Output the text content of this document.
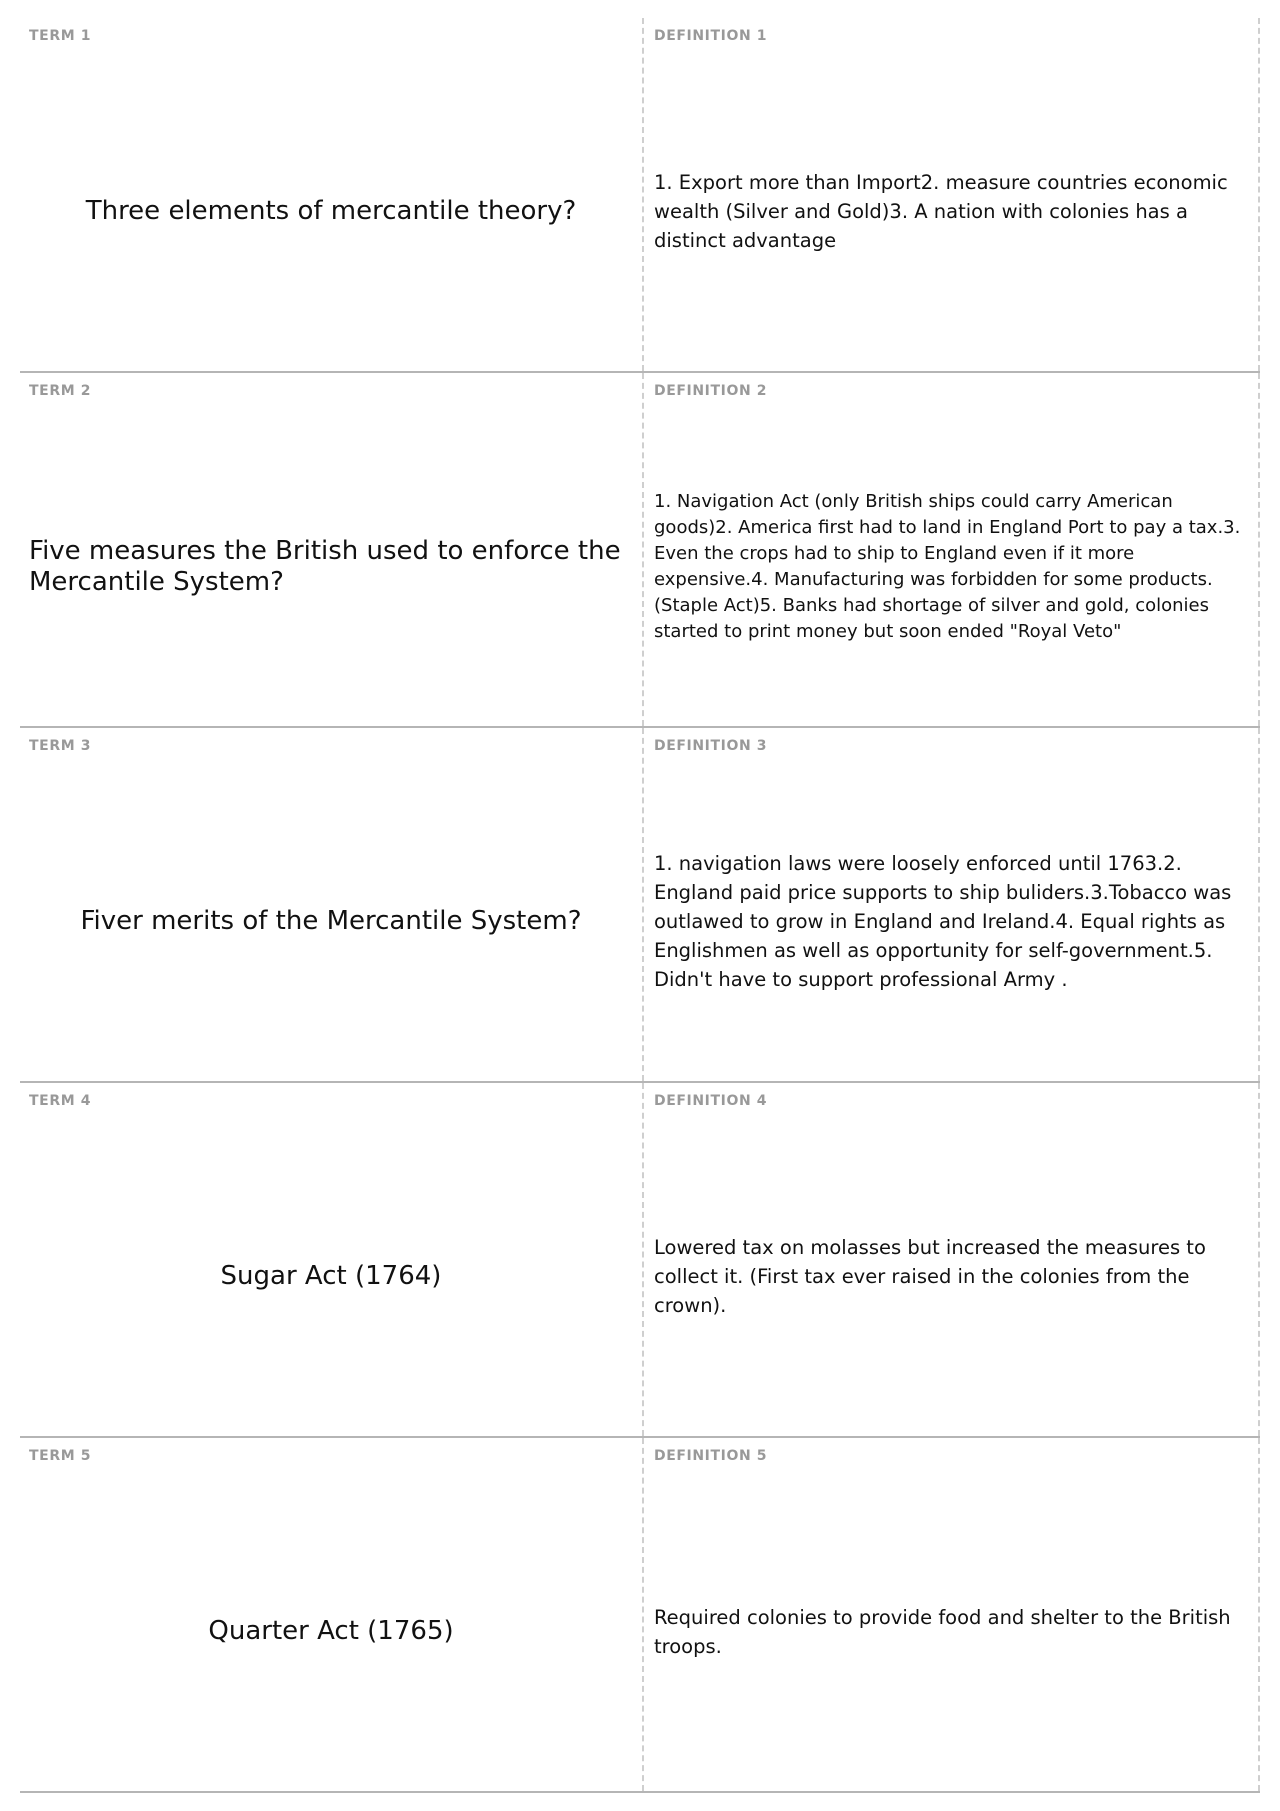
TERM 1
Three elements of mercantile theory?
DEFINITION 1
1. Export more than Import2. measure countries economic wealth (Silver and Gold)3. A nation with colonies has a distinct advantage
TERM 2
Five measures the British used to enforce the Mercantile System?
DEFINITION 2
1. Navigation Act (only British ships could carry American goods)2. America first had to land in England Port to pay a tax.3. Even the crops had to ship to England even if it more expensive.4. Manufacturing was forbidden for some products. (Staple Act)5. Banks had shortage of silver and gold, colonies started to print money but soon ended "Royal Veto"
TERM 3
Fiver merits of the Mercantile System?
DEFINITION 3
1. navigation laws were loosely enforced until 1763.2. England paid price supports to ship buliders.3.Tobacco was outlawed to grow in England and Ireland.4. Equal rights as Englishmen as well as opportunity for self-government.5. Didn't have to support professional Army .
TERM 4
Sugar Act (1764)
DEFINITION 4
Lowered tax on molasses but increased the measures to collect it. (First tax ever raised in the colonies from the crown).
TERM 5
Quarter Act (1765)
DEFINITION 5
Required colonies to provide food and shelter to the British troops.
